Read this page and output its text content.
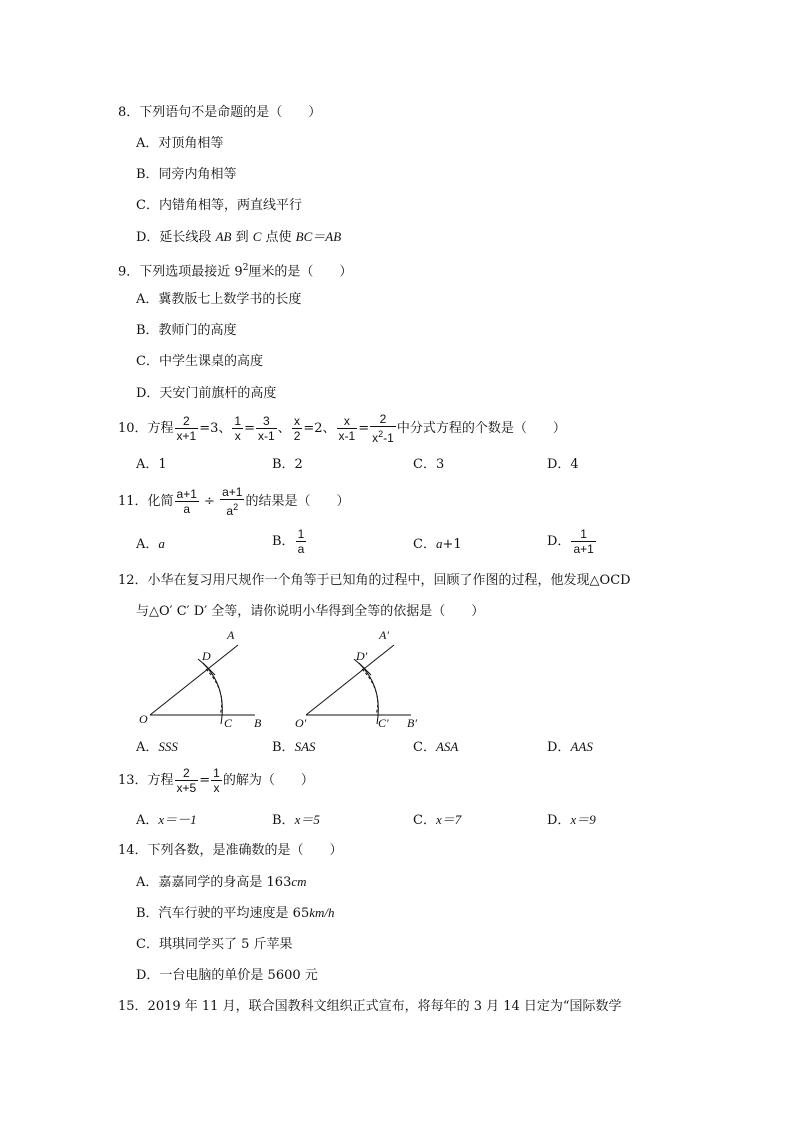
8．下列语句不是命题的是（　　）
A．对顶角相等
B．同旁内角相等
C．内错角相等，两直线平行
D．延长线段 AB 到 C 点使 BC＝AB
9．下列选项最接近 $9^2$厘米的是（　　）
A．冀教版七上数学书的长度
B．教师门的高度
C．中学生课桌的高度
D．天安门前旗杆的高度
10．方程 $\frac{2}{x+1} =3$、 $\frac{1}{x} = \frac{3}{x-1}$ 、 $\frac{x}{2} =2$、 $\frac{x}{x-1} = \frac{2}{x^2-1}$ 中分式方程的个数是（　　）
A．1	B．2	C．3	D．4
11．化简 $\frac{a+1}{a} \div \frac{a+1}{a^2}$ 的结果是（　　）
A．a	B． $\frac{1}{a}$	C．a+1	D． $\frac{1}{a+1}$
12．小华在复习用尺规作一个角等于已知角的过程中，回顾了作图的过程，他发现△OCD
与△O′ C′ D′ 全等，请你说明小华得到全等的依据是（　　）
A
D
O	C B
A′
D′
O′	C′ B′
A．SSS	B．SAS	C．ASA	D．AAS
13．方程 $\frac{2}{x+5} = \frac{1}{x}$ 的解为（　　）
A．x＝－1	B．x＝5	C．x＝7	D．x＝9
14．下列各数，是准确数的是（　　）
A．嘉嘉同学的身高是 163cm
B．汽车行驶的平均速度是 65km/h
C．琪琪同学买了 5 斤苹果
D．一台电脑的单价是 5600 元
15．2019 年 11 月，联合国教科文组织正式宣布，将每年的 3 月 14 日定为“国际数学
